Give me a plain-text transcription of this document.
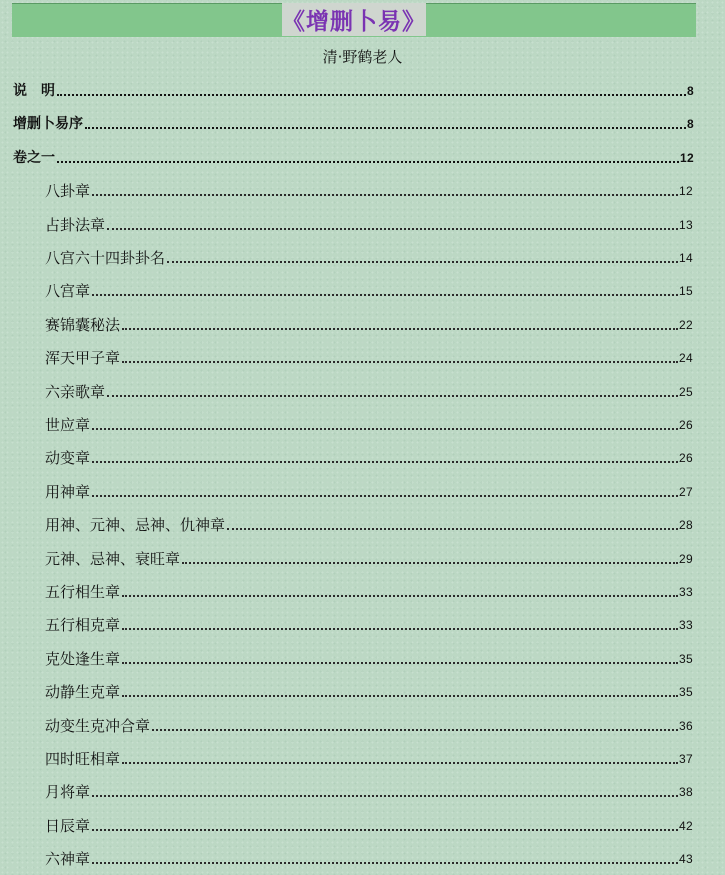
《增删卜易》
清·野鹤老人
说　明	8
增删卜易序	8
卷之一	12
八卦章	12
占卦法章	13
八宫六十四卦卦名	14
八宫章	15
赛锦囊秘法	22
浑天甲子章	24
六亲歌章	25
世应章	26
动变章	26
用神章	27
用神、元神、忌神、仇神章	28
元神、忌神、衰旺章	29
五行相生章	33
五行相克章	33
克处逢生章	35
动静生克章	35
动变生克冲合章	36
四时旺相章	37
月将章	38
日辰章	42
六神章	43
